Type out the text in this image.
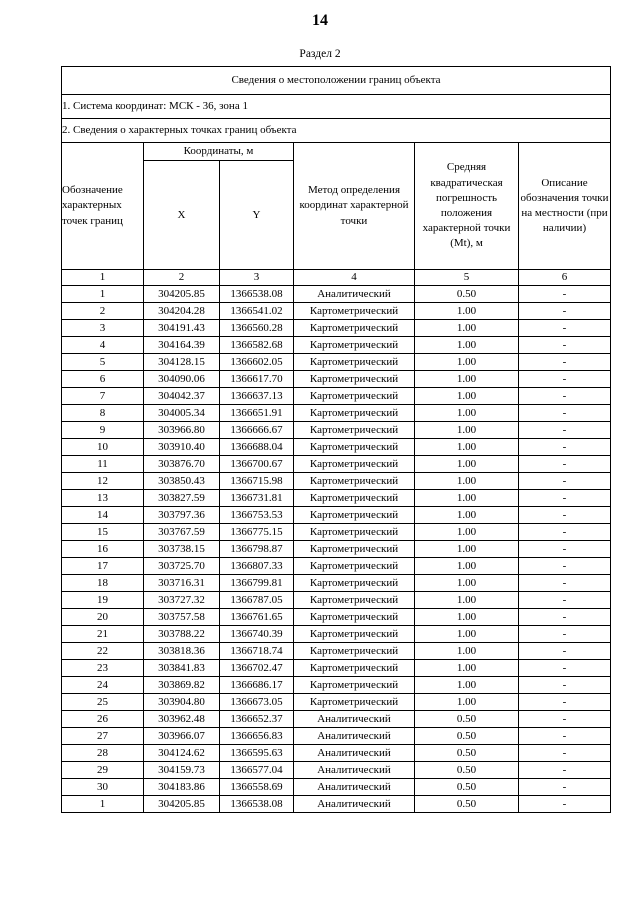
14
Раздел 2
Сведения о местоположении границ объекта					
1. Система координат: МСК - 36, зона 1					
2. Сведения о характерных точках границ объекта					
Обозначение характерных точек границ	Координаты, м		Метод определения координат характерной точки	Средняя квадратическая погрешность положения характерной точки (Mt), м	Описание обозначения точки на местности (при наличии)
	X	Y			
1	2	3	4	5	6
1	304205.85	1366538.08	Аналитический	0.50	-
2	304204.28	1366541.02	Картометрический	1.00	-
3	304191.43	1366560.28	Картометрический	1.00	-
4	304164.39	1366582.68	Картометрический	1.00	-
5	304128.15	1366602.05	Картометрический	1.00	-
6	304090.06	1366617.70	Картометрический	1.00	-
7	304042.37	1366637.13	Картометрический	1.00	-
8	304005.34	1366651.91	Картометрический	1.00	-
9	303966.80	1366666.67	Картометрический	1.00	-
10	303910.40	1366688.04	Картометрический	1.00	-
11	303876.70	1366700.67	Картометрический	1.00	-
12	303850.43	1366715.98	Картометрический	1.00	-
13	303827.59	1366731.81	Картометрический	1.00	-
14	303797.36	1366753.53	Картометрический	1.00	-
15	303767.59	1366775.15	Картометрический	1.00	-
16	303738.15	1366798.87	Картометрический	1.00	-
17	303725.70	1366807.33	Картометрический	1.00	-
18	303716.31	1366799.81	Картометрический	1.00	-
19	303727.32	1366787.05	Картометрический	1.00	-
20	303757.58	1366761.65	Картометрический	1.00	-
21	303788.22	1366740.39	Картометрический	1.00	-
22	303818.36	1366718.74	Картометрический	1.00	-
23	303841.83	1366702.47	Картометрический	1.00	-
24	303869.82	1366686.17	Картометрический	1.00	-
25	303904.80	1366673.05	Картометрический	1.00	-
26	303962.48	1366652.37	Аналитический	0.50	-
27	303966.07	1366656.83	Аналитический	0.50	-
28	304124.62	1366595.63	Аналитический	0.50	-
29	304159.73	1366577.04	Аналитический	0.50	-
30	304183.86	1366558.69	Аналитический	0.50	-
1	304205.85	1366538.08	Аналитический	0.50	-
